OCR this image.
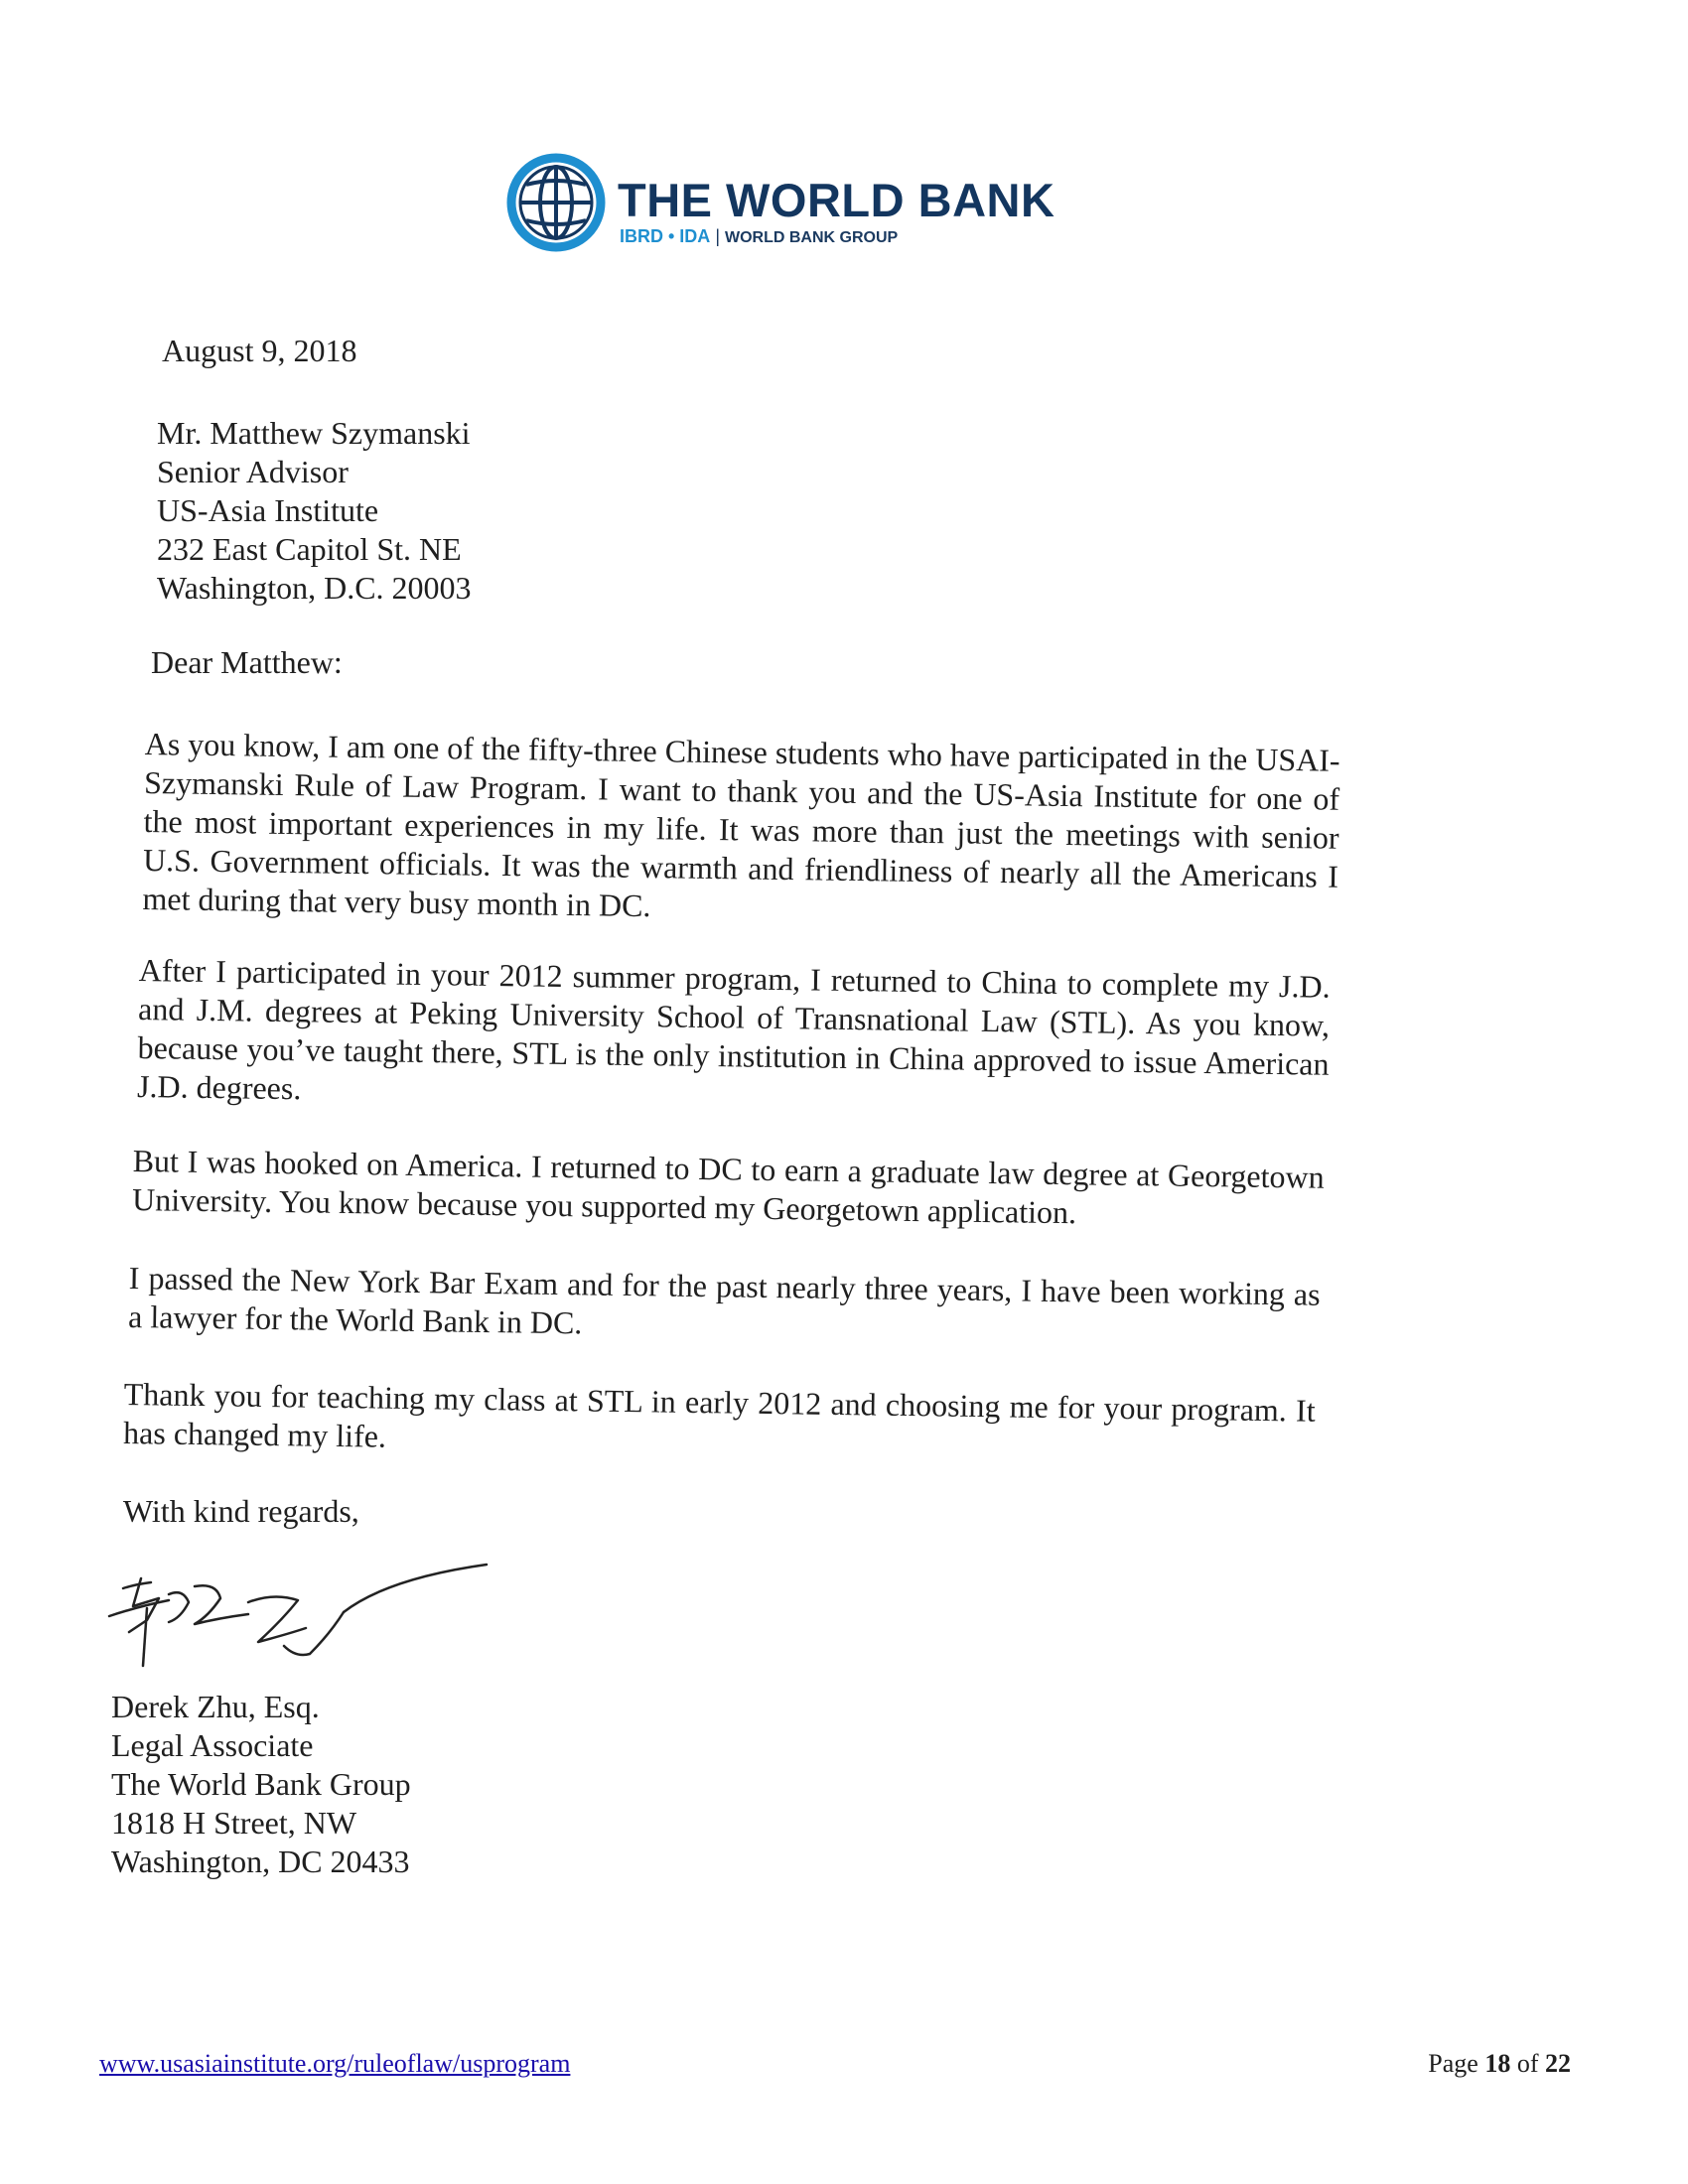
THE WORLD BANK
IBRD • IDA | WORLD BANK GROUP
August 9, 2018
Mr. Matthew Szymanski
Senior Advisor
US-Asia Institute
232 East Capitol St. NE
Washington, D.C. 20003
Dear Matthew:
As you know, I am one of the fifty-three Chinese students who have participated in the USAI-Szymanski Rule of Law Program. I want to thank you and the US-Asia Institute for one of the most important experiences in my life. It was more than just the meetings with senior U.S. Government officials. It was the warmth and friendliness of nearly all the Americans I met during that very busy month in DC.
After I participated in your 2012 summer program, I returned to China to complete my J.D. and J.M. degrees at Peking University School of Transnational Law (STL). As you know, because you’ve taught there, STL is the only institution in China approved to issue American J.D. degrees.
But I was hooked on America. I returned to DC to earn a graduate law degree at Georgetown University. You know because you supported my Georgetown application.
I passed the New York Bar Exam and for the past nearly three years, I have been working as a lawyer for the World Bank in DC.
Thank you for teaching my class at STL in early 2012 and choosing me for your program. It has changed my life.
With kind regards,
Derek Zhu, Esq.
Legal Associate
The World Bank Group
1818 H Street, NW
Washington, DC 20433
www.usasiainstitute.org/ruleoflaw/usprogram	Page 18 of 22
